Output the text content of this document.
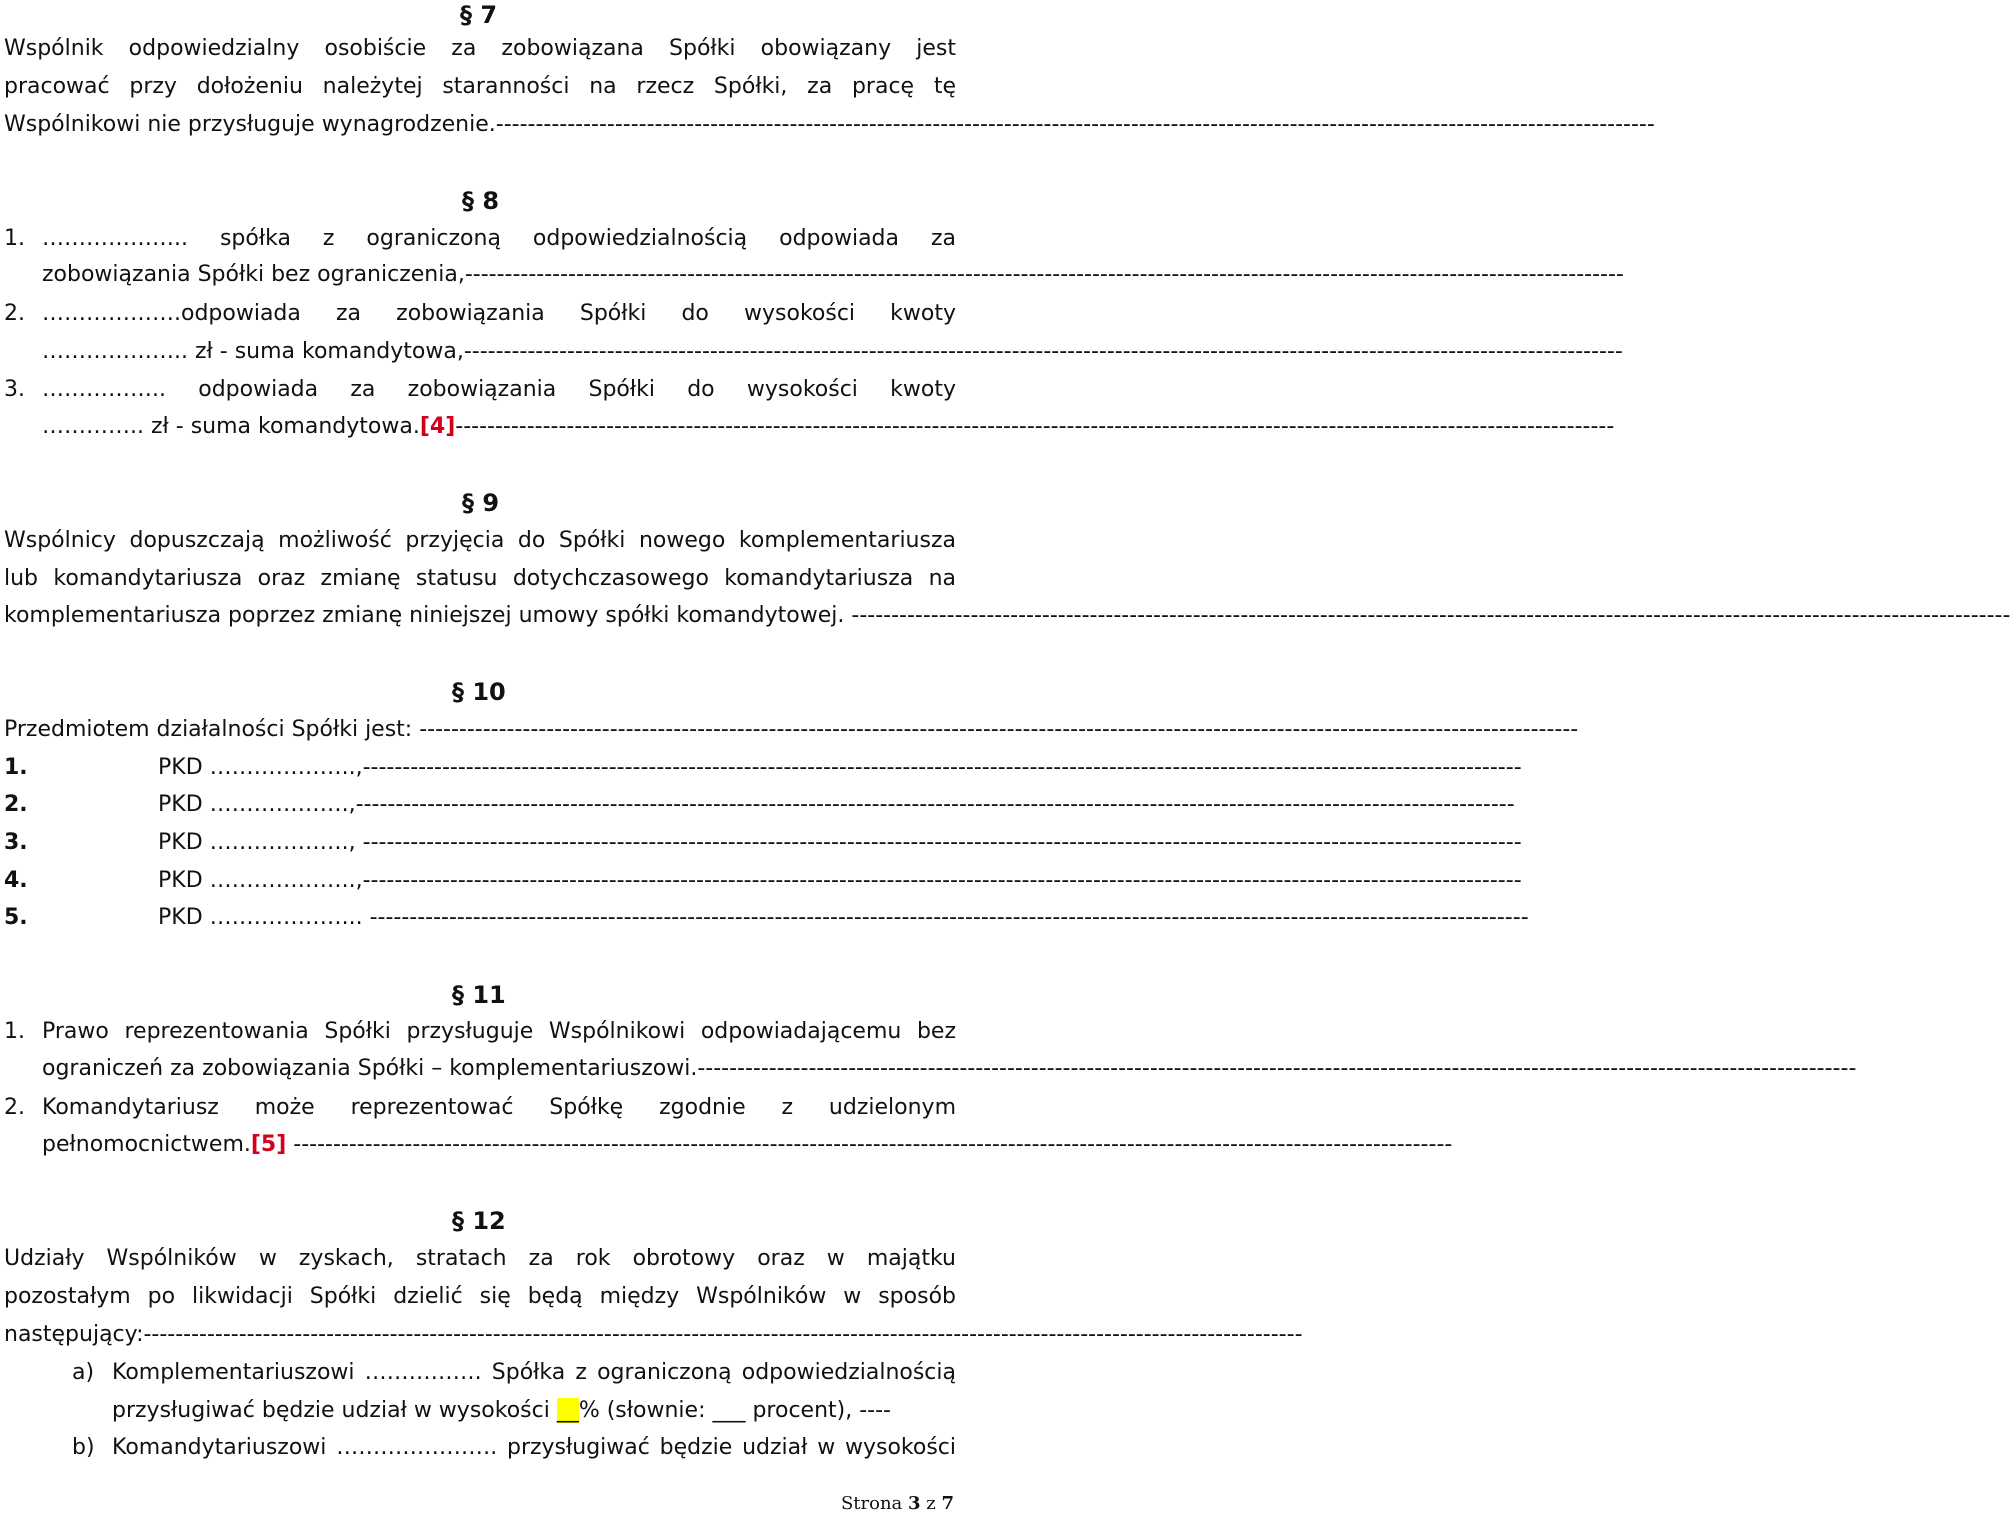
§ 7
Wspólnik odpowiedzialny osobiście za zobowiązana Spółki obowiązany jest
pracować przy dołożeniu należytej staranności na rzecz Spółki, za pracę tę
Wspólnikowi nie przysługuje wynagrodzenie. --------------------------------------------------------------------------------------------------------------------------------------------------
§ 8
1. ……………….. spółka z ograniczoną odpowiedzialnością odpowiada za
zobowiązania Spółki bez ograniczenia, --------------------------------------------------------------------------------------------------------------------------------------------------
2. ……………….odpowiada za zobowiązania Spółki do wysokości kwoty
……………….. zł - suma komandytowa, --------------------------------------------------------------------------------------------------------------------------------------------------
3. …………….. odpowiada za zobowiązania Spółki do wysokości kwoty
………….. zł - suma komandytowa. [4] --------------------------------------------------------------------------------------------------------------------------------------------------
§ 9
Wspólnicy dopuszczają możliwość przyjęcia do Spółki nowego komplementariusza
lub komandytariusza oraz zmianę statusu dotychczasowego komandytariusza na
komplementariusza poprzez zmianę niniejszej umowy spółki komandytowej.
--------------------------------------------------------------------------------------------------------------------------------------------------
§ 10
Przedmiotem działalności Spółki jest:
--------------------------------------------------------------------------------------------------------------------------------------------------
1.	PKD ……………….., --------------------------------------------------------------------------------------------------------------------------------------------------
2.	PKD ………………., --------------------------------------------------------------------------------------------------------------------------------------------------
3.	PKD ……………….,
--------------------------------------------------------------------------------------------------------------------------------------------------
4.	PKD ……………….., --------------------------------------------------------------------------------------------------------------------------------------------------
5.	PKD ………………... --------------------------------------------------------------------------------------------------------------------------------------------------
§ 11
1. Prawo reprezentowania Spółki przysługuje Wspólnikowi odpowiadającemu bez
ograniczeń za zobowiązania Spółki – komplementariuszowi. --------------------------------------------------------------------------------------------------------------------------------------------------
2. Komandytariusz może reprezentować Spółkę zgodnie z udzielonym
pełnomocnictwem. [5]
--------------------------------------------------------------------------------------------------------------------------------------------------
§ 12
Udziały Wspólników w zyskach, stratach za rok obrotowy oraz w majątku
pozostałym po likwidacji Spółki dzielić się będą między Wspólników w sposób
następujący: --------------------------------------------------------------------------------------------------------------------------------------------------
a) Komplementariuszowi ……………. Spółka z ograniczoną odpowiedzialnością
przysługiwać będzie udział w wysokości __% (słownie: ___ procent), ----
b) Komandytariuszowi …………………. przysługiwać będzie udział w wysokości
Strona 3 z 7
